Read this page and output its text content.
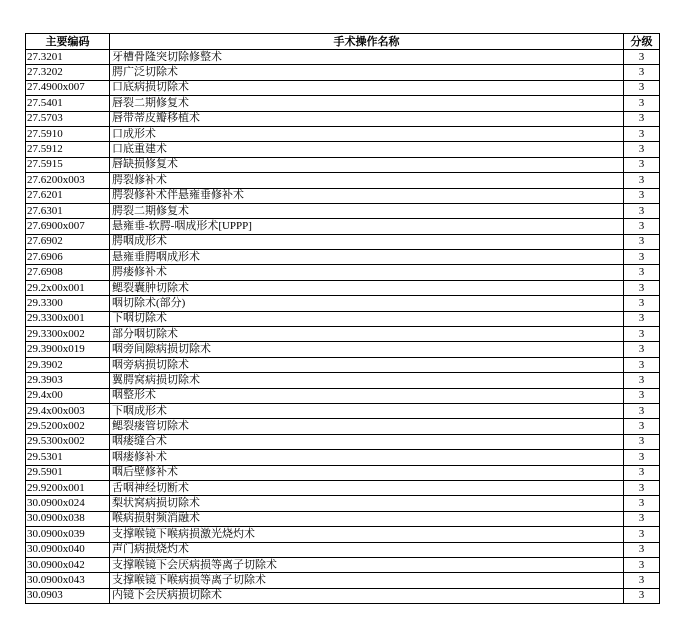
主要编码	手术操作名称	分级
27.3201	牙槽骨隆突切除修整术	3
27.3202	腭广泛切除术	3
27.4900x007	口底病损切除术	3
27.5401	唇裂二期修复术	3
27.5703	唇带蒂皮瓣移植术	3
27.5910	口成形术	3
27.5912	口底重建术	3
27.5915	唇缺损修复术	3
27.6200x003	腭裂修补术	3
27.6201	腭裂修补术伴悬雍垂修补术	3
27.6301	腭裂二期修复术	3
27.6900x007	悬雍垂-软腭-咽成形术[UPPP]	3
27.6902	腭咽成形术	3
27.6906	悬雍垂腭咽成形术	3
27.6908	腭瘘修补术	3
29.2x00x001	鳃裂囊肿切除术	3
29.3300	咽切除术(部分)	3
29.3300x001	下咽切除术	3
29.3300x002	部分咽切除术	3
29.3900x019	咽旁间隙病损切除术	3
29.3902	咽旁病损切除术	3
29.3903	翼腭窝病损切除术	3
29.4x00	咽整形术	3
29.4x00x003	下咽成形术	3
29.5200x002	鳃裂瘘管切除术	3
29.5300x002	咽瘘缝合术	3
29.5301	咽瘘修补术	3
29.5901	咽后壁修补术	3
29.9200x001	舌咽神经切断术	3
30.0900x024	梨状窝病损切除术	3
30.0900x038	喉病损射频消融术	3
30.0900x039	支撑喉镜下喉病损激光烧灼术	3
30.0900x040	声门病损烧灼术	3
30.0900x042	支撑喉镜下会厌病损等离子切除术	3
30.0900x043	支撑喉镜下喉病损等离子切除术	3
30.0903	内镜下会厌病损切除术	3
